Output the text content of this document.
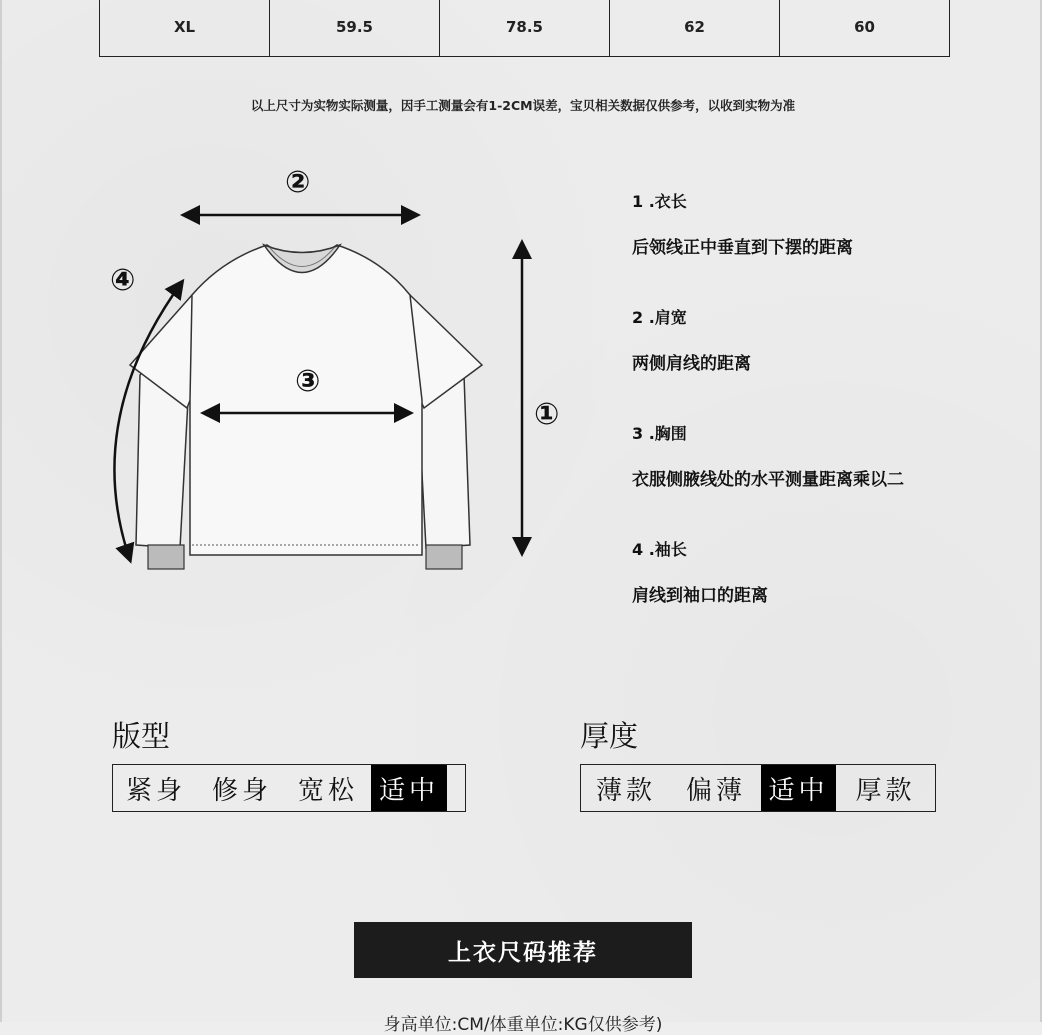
XL	59.5	78.5	62	60
以上尺寸为实物实际测量，因手工测量会有1-2CM误差，宝贝相关数据仅供参考，以收到实物为准
①
②
③
④
1 .衣长
后领线正中垂直到下摆的距离
2 .肩宽
两侧肩线的距离
3 .胸围
衣服侧腋线处的水平测量距离乘以二
4 .袖长
肩线到袖口的距离
版型
紧身 修身 宽松 适中
厚度
薄款	偏薄 适中	厚款
上衣尺码推荐
身高单位:CM/体重单位:KG仅供参考)
